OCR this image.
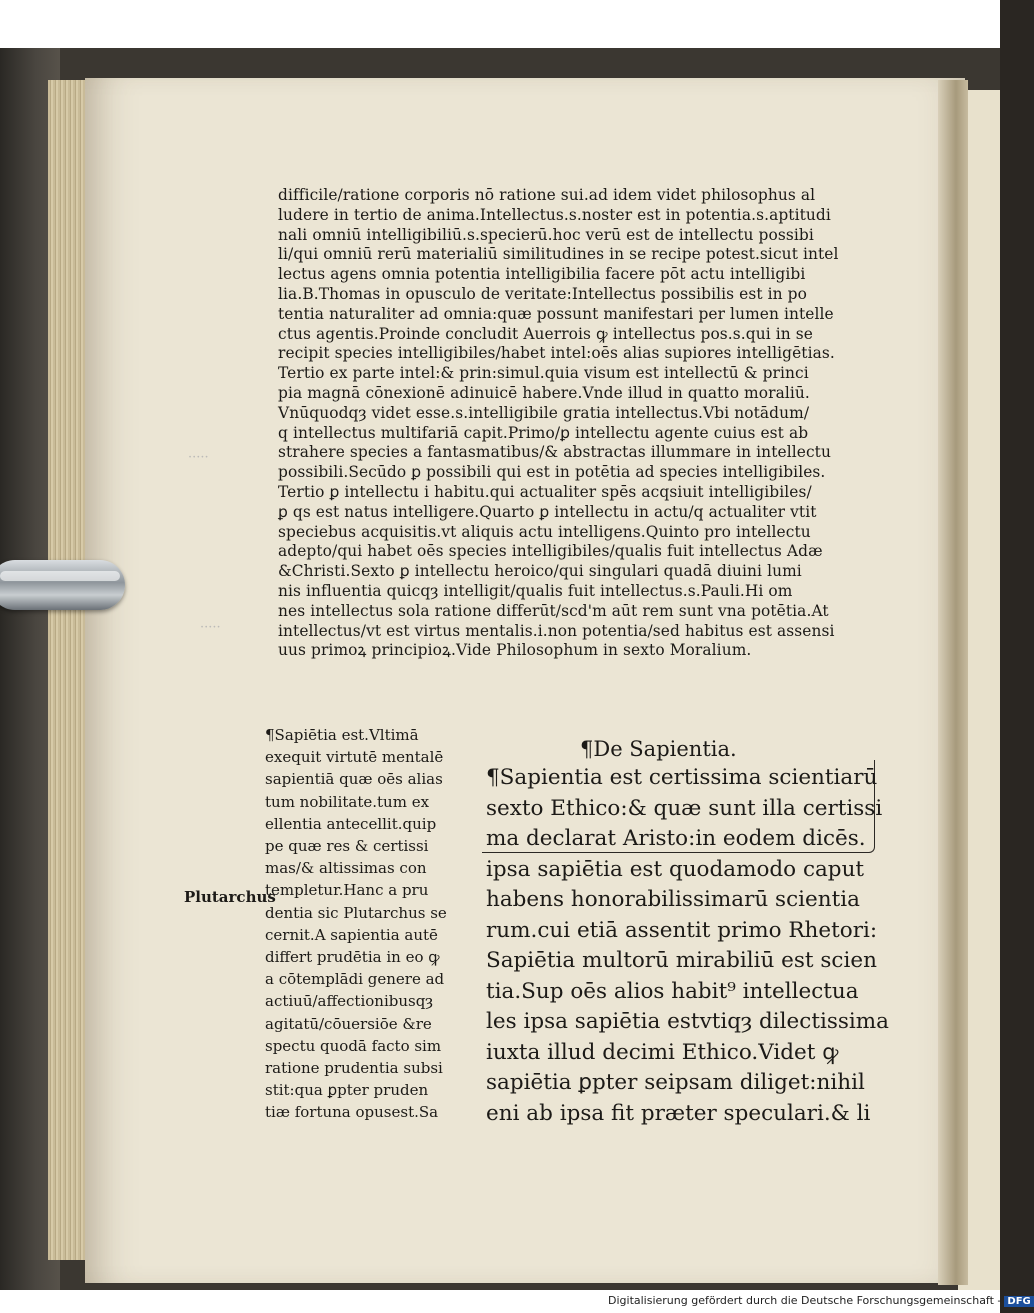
·····
·····

difficile/ratione corporis nō ratione sui.ad idem videt philosophus al

ludere in tertio de anima.Intellectus.s.noster est in potentia.s.aptitudi

nali omniū intelligibiliū.s.specierū.hoc verū est de intellectu possibi

li/qui omniū rerū materialiū similitudines in se recipe potest.sicut intel

lectus agens omnia potentia intelligibilia facere pōt actu intelligibi

lia.B.Thomas in opusculo de veritate:Intellectus possibilis est in po

tentia naturaliter ad omnia:quæ possunt manifestari per lumen intelle

ctus agentis.Proinde concludit Auerrois ꝙ intellectus pos.s.qui in se

recipit species intelligibiles/habet intel:oēs alias supiores intelligētias.

Tertio ex parte intel:& prin:simul.quia visum est intellectū & princi

pia magnā cōnexionē adinuicē habere.Vnde illud in quatto moraliū.

Vnūquodqȝ videt esse.s.intelligibile gratia intellectus.Vbi notādum/

q intellectus multifariā capit.Primo/ꝑ intellectu agente cuius est ab

strahere species a fantasmatibus/& abstractas illummare in intellectu

possibili.Secūdo ꝑ possibili qui est in potētia ad species intelligibiles.

Tertio ꝑ intellectu i habitu.qui actualiter spēs acqsiuit intelligibiles/

ꝑ qs est natus intelligere.Quarto ꝑ intellectu in actu/q actualiter vtit

speciebus acquisitis.vt aliquis actu intelligens.Quinto pro intellectu

adepto/qui habet oēs species intelligibiles/qualis fuit intellectus Adæ

&Christi.Sexto ꝑ intellectu heroico/qui singulari quadā diuini lumi

nis influentia quicqȝ intelligit/qualis fuit intellectus.s.Pauli.Hi om

nes intellectus sola ratione differūt/scd'm aūt rem sunt vna potētia.At

intellectus/vt est virtus mentalis.i.non potentia/sed habitus est assensi

uus primoꝝ principioꝝ.Vide Philosophum in sexto Moralium.

¶Sapiētia est.Vltimā

exequit virtutē mentalē

sapientiā quæ oēs alias

tum nobilitate.tum ex

ellentia antecellit.quip

pe quæ res & certissi

mas/& altissimas con

templetur.Hanc a pru

dentia sic Plutarchus se

cernit.A sapientia autē

differt prudētia in eo ꝙ

a cōtemplādi genere ad

actiuū/affectionibusqȝ

agitatū/cōuersiōe &re

spectu quodā facto sim

ratione prudentia subsi

stit:qua ꝑpter pruden

tiæ fortuna opusest.Sa

Plutarchus
¶De Sapientia.

¶Sapientia est certissima scientiarū

sexto Ethico:& quæ sunt illa certissi

ma declarat Aristo:in eodem dicēs.

ipsa sapiētia est quodamodo caput

habens honorabilissimarū scientia

rum.cui etiā assentit primo Rhetori:

Sapiētia multorū mirabiliū est scien

tia.Sup oēs alios habit⁹ intellectua

les ipsa sapiētia estvtiqȝ dilectissima

iuxta illud decimi Ethico.Videt ꝙ

sapiētia ꝑpter seipsam diliget:nihil

eni ab ipsa fit præter speculari.& li

Digitalisierung gefördert durch die Deutsche Forschungsgemeinschaft - DFG
